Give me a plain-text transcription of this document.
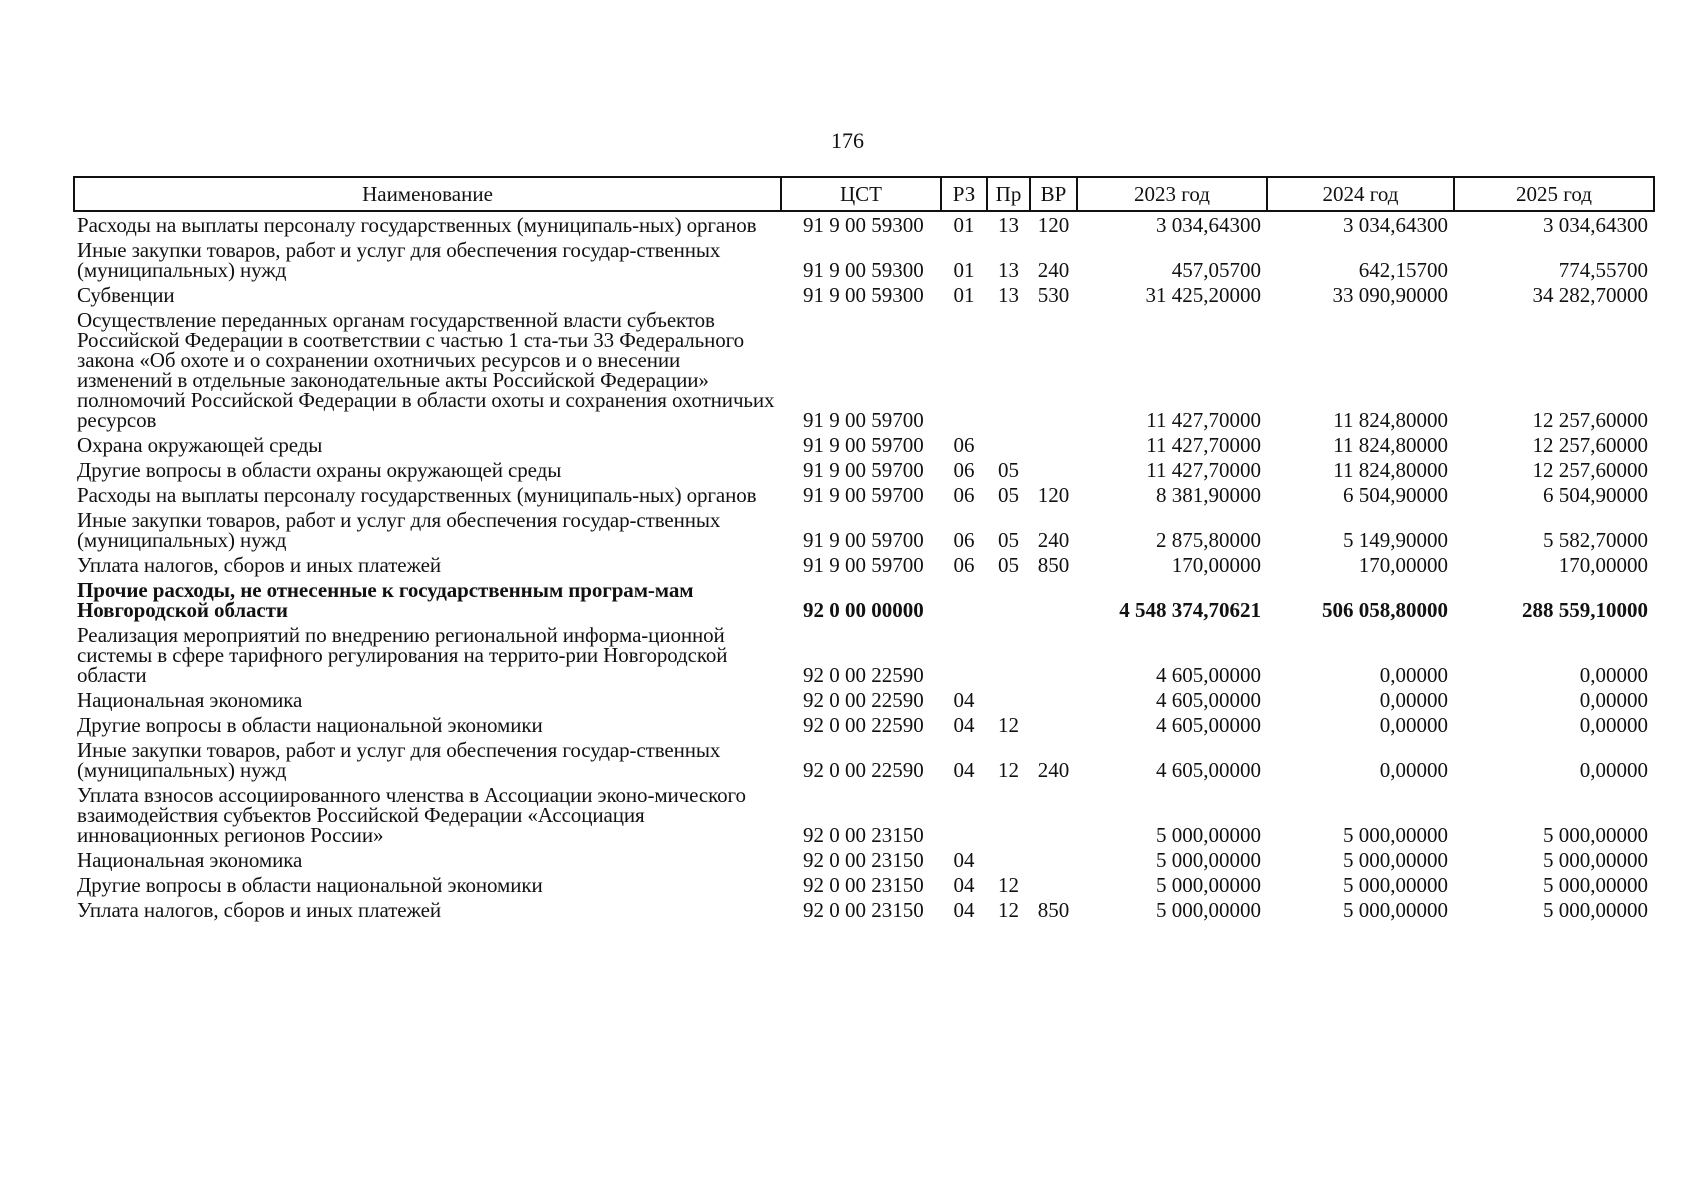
176
Наименование	ЦСТ	РЗ	Пр	ВР	2023 год	2024 год	2025 год
Расходы на выплаты персоналу государственных (муниципаль-ных) органов	91 9 00 59300	01	13	120	3 034,64300	3 034,64300	3 034,64300
Иные закупки товаров, работ и услуг для обеспечения государ-ственных (муниципальных) нужд	91 9 00 59300	01	13	240	457,05700	642,15700	774,55700
Субвенции	91 9 00 59300	01	13	530	31 425,20000	33 090,90000	34 282,70000
Осуществление переданных органам государственной власти субъектов Российской Федерации в соответствии с частью 1 ста-тьи 33 Федерального закона «Об охоте и о сохранении охотничьих ресурсов и о внесении изменений в отдельные законодательные акты Российской Федерации» полномочий Российской Федерации в области охоты и сохранения охотничьих ресурсов	91 9 00 59700				11 427,70000	11 824,80000	12 257,60000
Охрана окружающей среды	91 9 00 59700	06			11 427,70000	11 824,80000	12 257,60000
Другие вопросы в области охраны окружающей среды	91 9 00 59700	06	05		11 427,70000	11 824,80000	12 257,60000
Расходы на выплаты персоналу государственных (муниципаль-ных) органов	91 9 00 59700	06	05	120	8 381,90000	6 504,90000	6 504,90000
Иные закупки товаров, работ и услуг для обеспечения государ-ственных (муниципальных) нужд	91 9 00 59700	06	05	240	2 875,80000	5 149,90000	5 582,70000
Уплата налогов, сборов и иных платежей	91 9 00 59700	06	05	850	170,00000	170,00000	170,00000
Прочие расходы, не отнесенные к государственным програм-мам Новгородской области	92 0 00 00000				4 548 374,70621	506 058,80000	288 559,10000
Реализация мероприятий по внедрению региональной информа-ционной системы в сфере тарифного регулирования на террито-рии Новгородской области	92 0 00 22590				4 605,00000	0,00000	0,00000
Национальная экономика	92 0 00 22590	04			4 605,00000	0,00000	0,00000
Другие вопросы в области национальной экономики	92 0 00 22590	04	12		4 605,00000	0,00000	0,00000
Иные закупки товаров, работ и услуг для обеспечения государ-ственных (муниципальных) нужд	92 0 00 22590	04	12	240	4 605,00000	0,00000	0,00000
Уплата взносов ассоциированного членства в Ассоциации эконо-мического взаимодействия субъектов Российской Федерации «Ассоциация инновационных регионов России»	92 0 00 23150				5 000,00000	5 000,00000	5 000,00000
Национальная экономика	92 0 00 23150	04			5 000,00000	5 000,00000	5 000,00000
Другие вопросы в области национальной экономики	92 0 00 23150	04	12		5 000,00000	5 000,00000	5 000,00000
Уплата налогов, сборов и иных платежей	92 0 00 23150	04	12	850	5 000,00000	5 000,00000	5 000,00000
